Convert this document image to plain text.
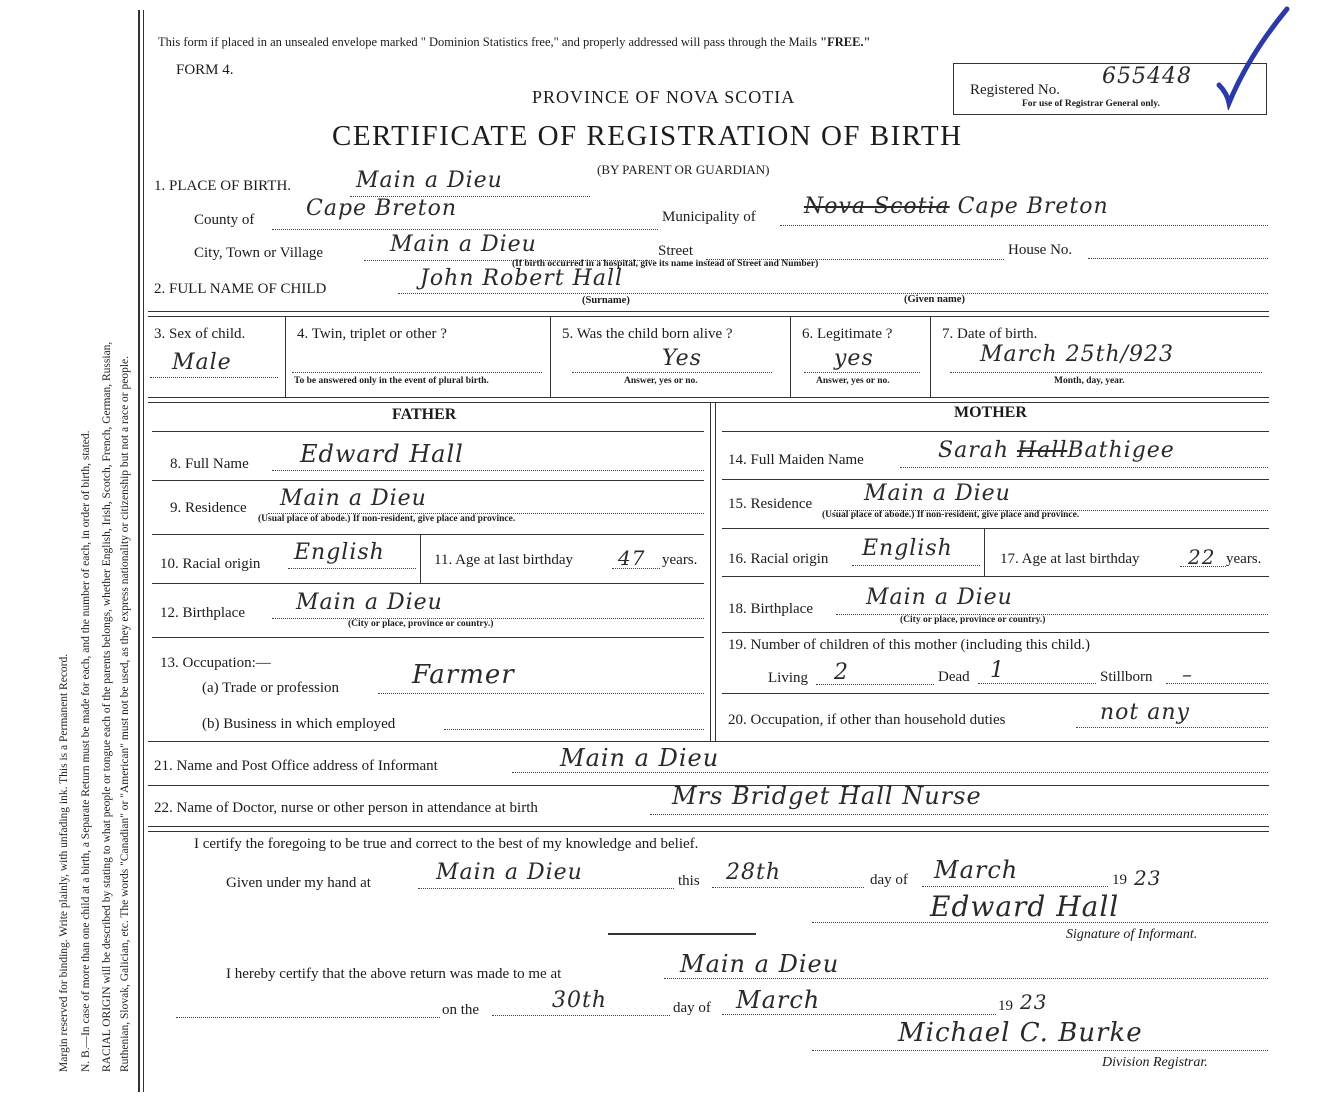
Margin reserved for binding. Write plainly, with unfading ink. This is a Permanent Record. N. B.—In case of more than one child at a birth, a Separate Return must be made for each, and the number of each, in order of birth, stated. RACIAL ORIGIN will be described by stating to what people or tongue each of the parents belongs, whether English, Irish, Scotch, French, German, Russian, Ruthenian, Slovak, Galician, etc. The words "Canadian" or "American" must not be used, as they express nationality or citizenship but not a race or people.
This form if placed in an unsealed envelope marked " Dominion Statistics free," and properly addressed will pass through the Mails "FREE."
FORM 4.
PROVINCE OF NOVA SCOTIA
CERTIFICATE OF REGISTRATION OF BIRTH
(BY PARENT OR GUARDIAN)
Registered No.
655448
For use of Registrar General only.
1. PLACE OF BIRTH.	Main a Dieu
County of Cape Breton	Municipality of Nova Scotia Cape Breton
City, Town or Village	Main a Dieu	Street	House No.
(If birth occurred in a hospital, give its name instead of Street and Number)
2. FULL NAME OF CHILD	John Robert Hall
(Surname)	(Given name)
3. Sex of child.
Male
4. Twin, triplet or other ?
To be answered only in the event of plural birth.
5. Was the child born alive ?
Yes
Answer, yes or no.
6. Legitimate ?
yes
Answer, yes or no.
7. Date of birth.
March 25th/923
Month, day, year.
FATHER	MOTHER
8. Full Name Edward Hall
9. Residence Main a Dieu
(Usual place of abode.) If non-resident, give place and province.
10. Racial origin English	11. Age at last birthday 47 years.
12. Birthplace Main a Dieu
(City or place, province or country.)
13. Occupation:—
(a) Trade or profession	Farmer
(b) Business in which employed
14. Full Maiden Name	Sarah HallBathigee
15. Residence Main a Dieu
(Usual place of abode.) If non-resident, give place and province.
16. Racial origin English	17. Age at last birthday 22 years.
18. Birthplace Main a Dieu
(City or place, province or country.)
19. Number of children of this mother (including this child.)
Living 2	Dead 1	Stillborn –
20. Occupation, if other than household duties	not any
21. Name and Post Office address of Informant	Main a Dieu
22. Name of Doctor, nurse or other person in attendance at birth	Mrs Bridget Hall Nurse
I certify the foregoing to be true and correct to the best of my knowledge and belief.
Given under my hand at	Main a Dieu	this 28th	day of March	19 23
Edward Hall
Signature of Informant.
I hereby certify that the above return was made to me at	Main a Dieu
on the	30th	day of March	19 23
Michael C. Burke
Division Registrar.
